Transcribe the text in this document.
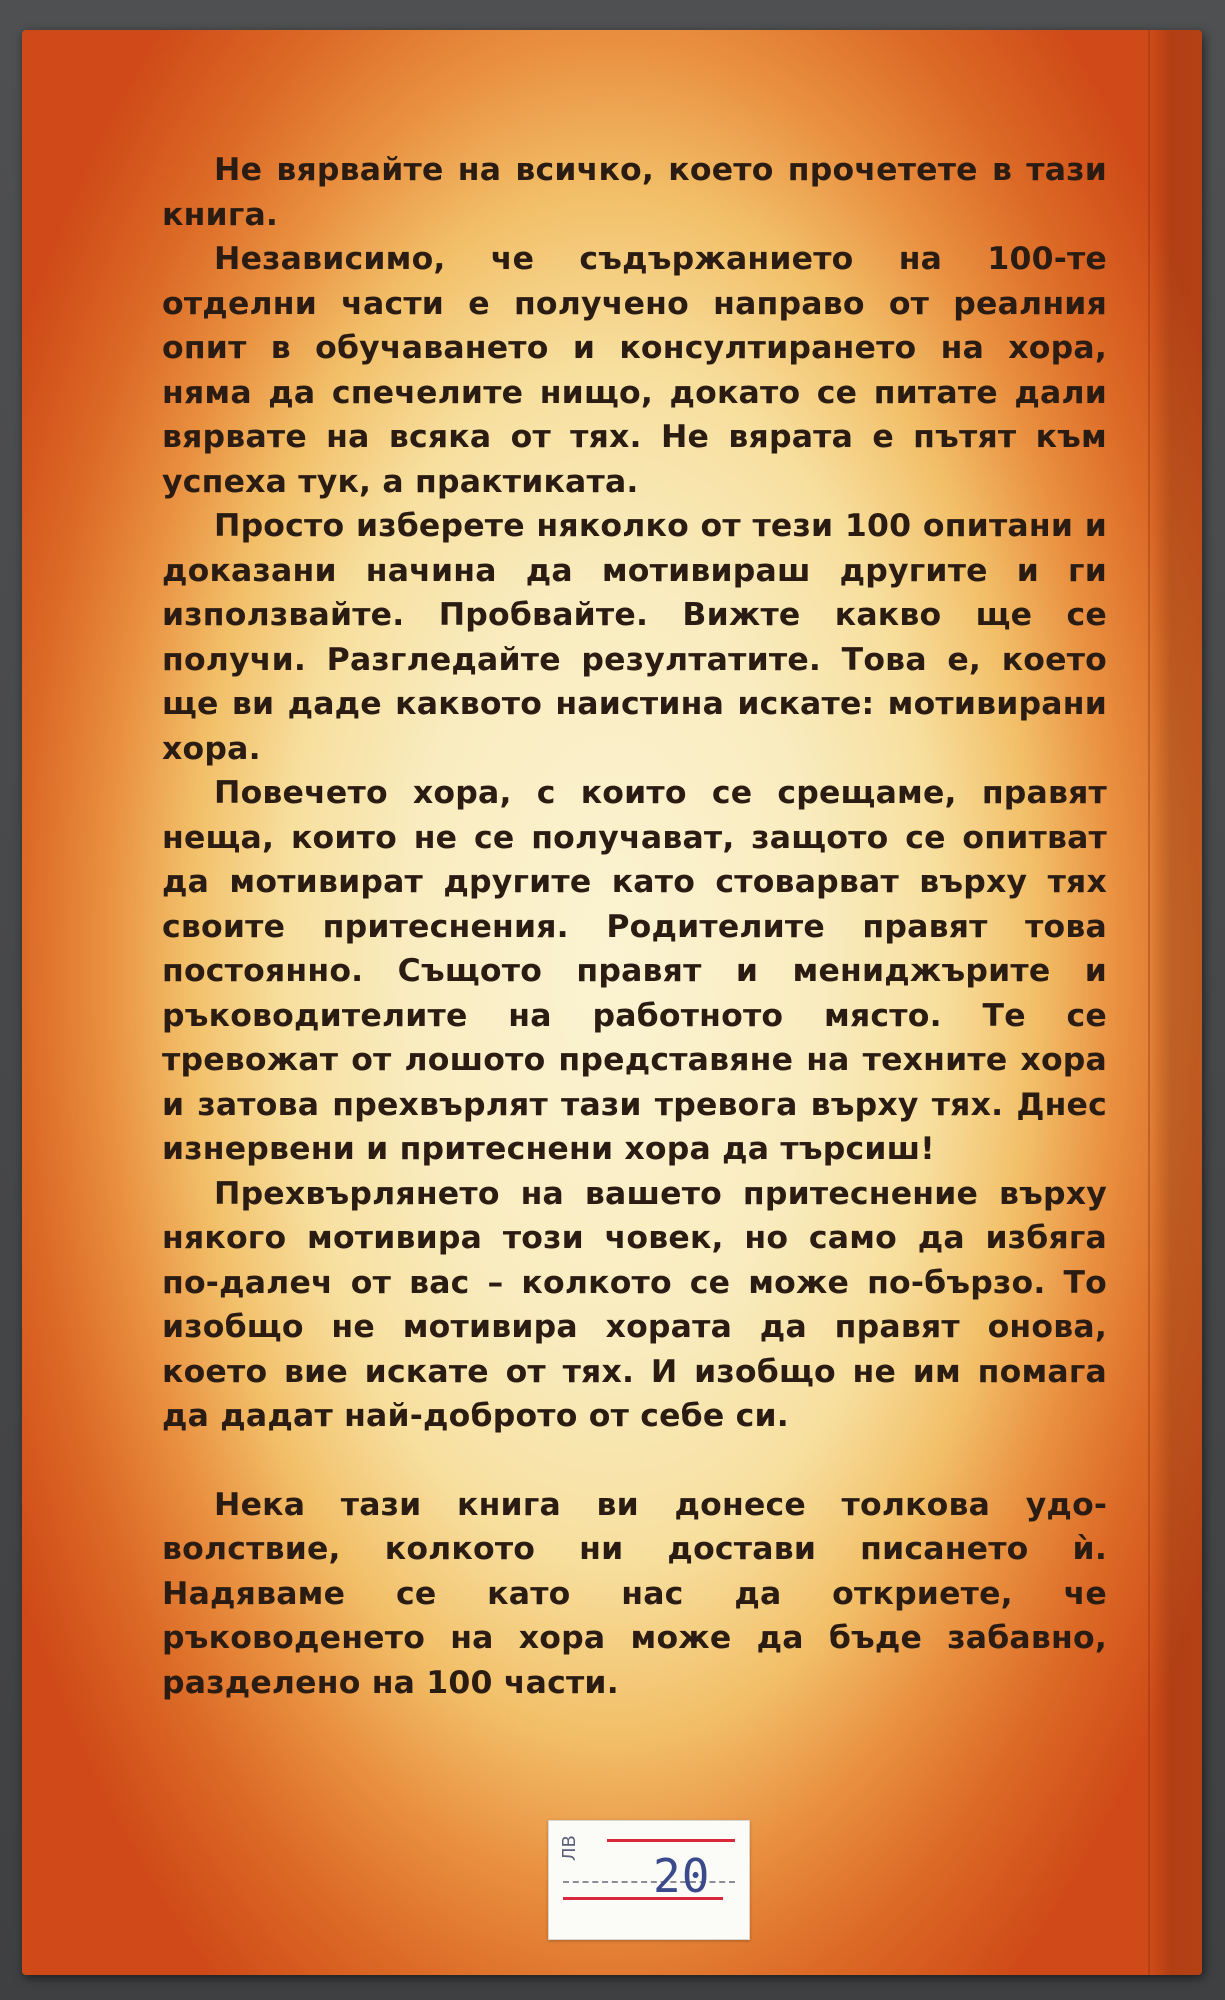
Не вярвайте на всичко, което прочетете в тази книга.

Независимо, че съдържанието на 100-те отделни части е получено направо от реалния опит в обучаването и консултирането на хора, няма да спечелите нищо, докато се питате дали вярвате на всяка от тях. Не вярата е пътят към успеха тук, а практиката.

Просто изберете няколко от тези 100 опитани и доказани начина да мотивираш другите и ги използвайте. Пробвайте. Вижте какво ще се получи. Разгледайте резултатите. Това е, което ще ви даде каквото наистина искате: мотивирани хора.

Повечето хора, с които се срещаме, правят неща, които не се получават, защото се опитват да мотивират другите като стоварват върху тях своите притеснения. Родителите правят това постоянно. Същото правят и мениджърите и ръководителите на работното място. Те се тревожат от лошото представяне на техните хора и затова прехвърлят тази тревога върху тях. Днес изнервени и притеснени хора да търсиш!

Прехвърлянето на вашето притеснение върху някого мотивира този човек, но само да избяга по-далеч от вас – колкото се може по-бързо. То изобщо не мотивира хората да правят онова, което вие искате от тях. И изобщо не им помага да дадат най-доброто от себе си.

Нека тази книга ви донесе толкова удоволствие, колкото ни достави писането ѝ. Надяваме се като нас да откриете, че ръководенето на хора може да бъде забавно, разделено на 100 части.

ЛВ
20
